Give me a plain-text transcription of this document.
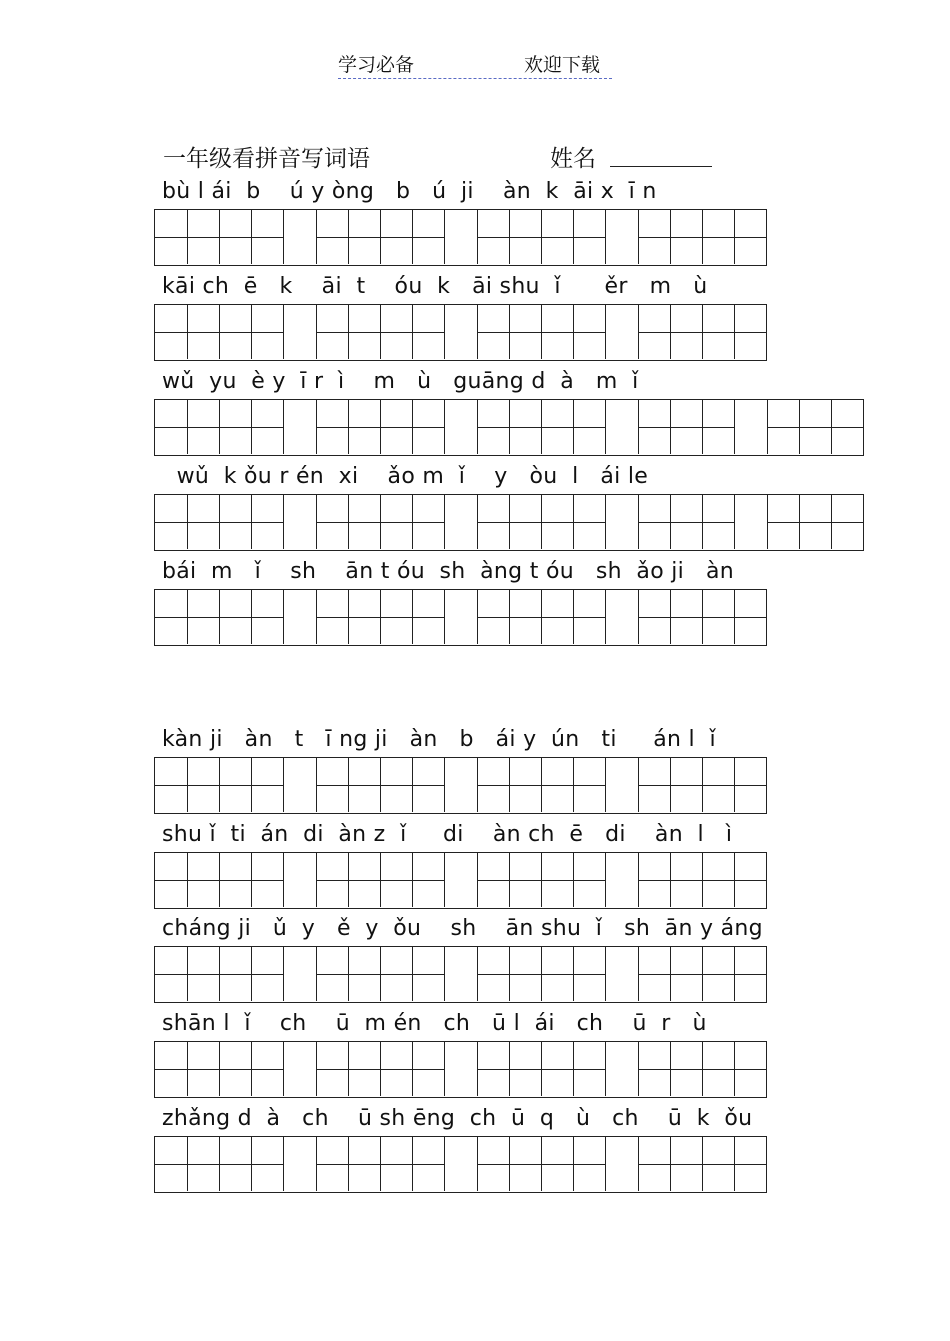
学习必备	欢迎下载
一年级看拼音写词语	姓名
bù l ái  b    ú y òng   b   ú  ji    àn  k  āi x  ī n
kāi ch  ē   k    āi  t    óu  k   āi shu  ǐ      ěr   m   ù
wǔ  yu  è y  ī r  ì    m   ù   guāng d  à   m  ǐ
wǔ  k ǒu r én  xi    ǎo m  ǐ    y   òu  l   ái le
bái  m   ǐ    sh    ān t óu  sh  àng t óu   sh  ǎo ji   àn
kàn ji   àn   t   ī ng ji   àn   b   ái y  ún   ti     án l  ǐ
shu ǐ  ti  án  di  àn z  ǐ     di    àn ch  ē   di    àn  l   ì
cháng ji   ǔ  y   ě  y  ǒu    sh    ān shu  ǐ   sh  ān y áng
shān l  ǐ    ch    ū  m én   ch   ū l  ái   ch    ū  r   ù
zhǎng d  à   ch    ū sh ēng  ch  ū  q   ù   ch    ū  k  ǒu
